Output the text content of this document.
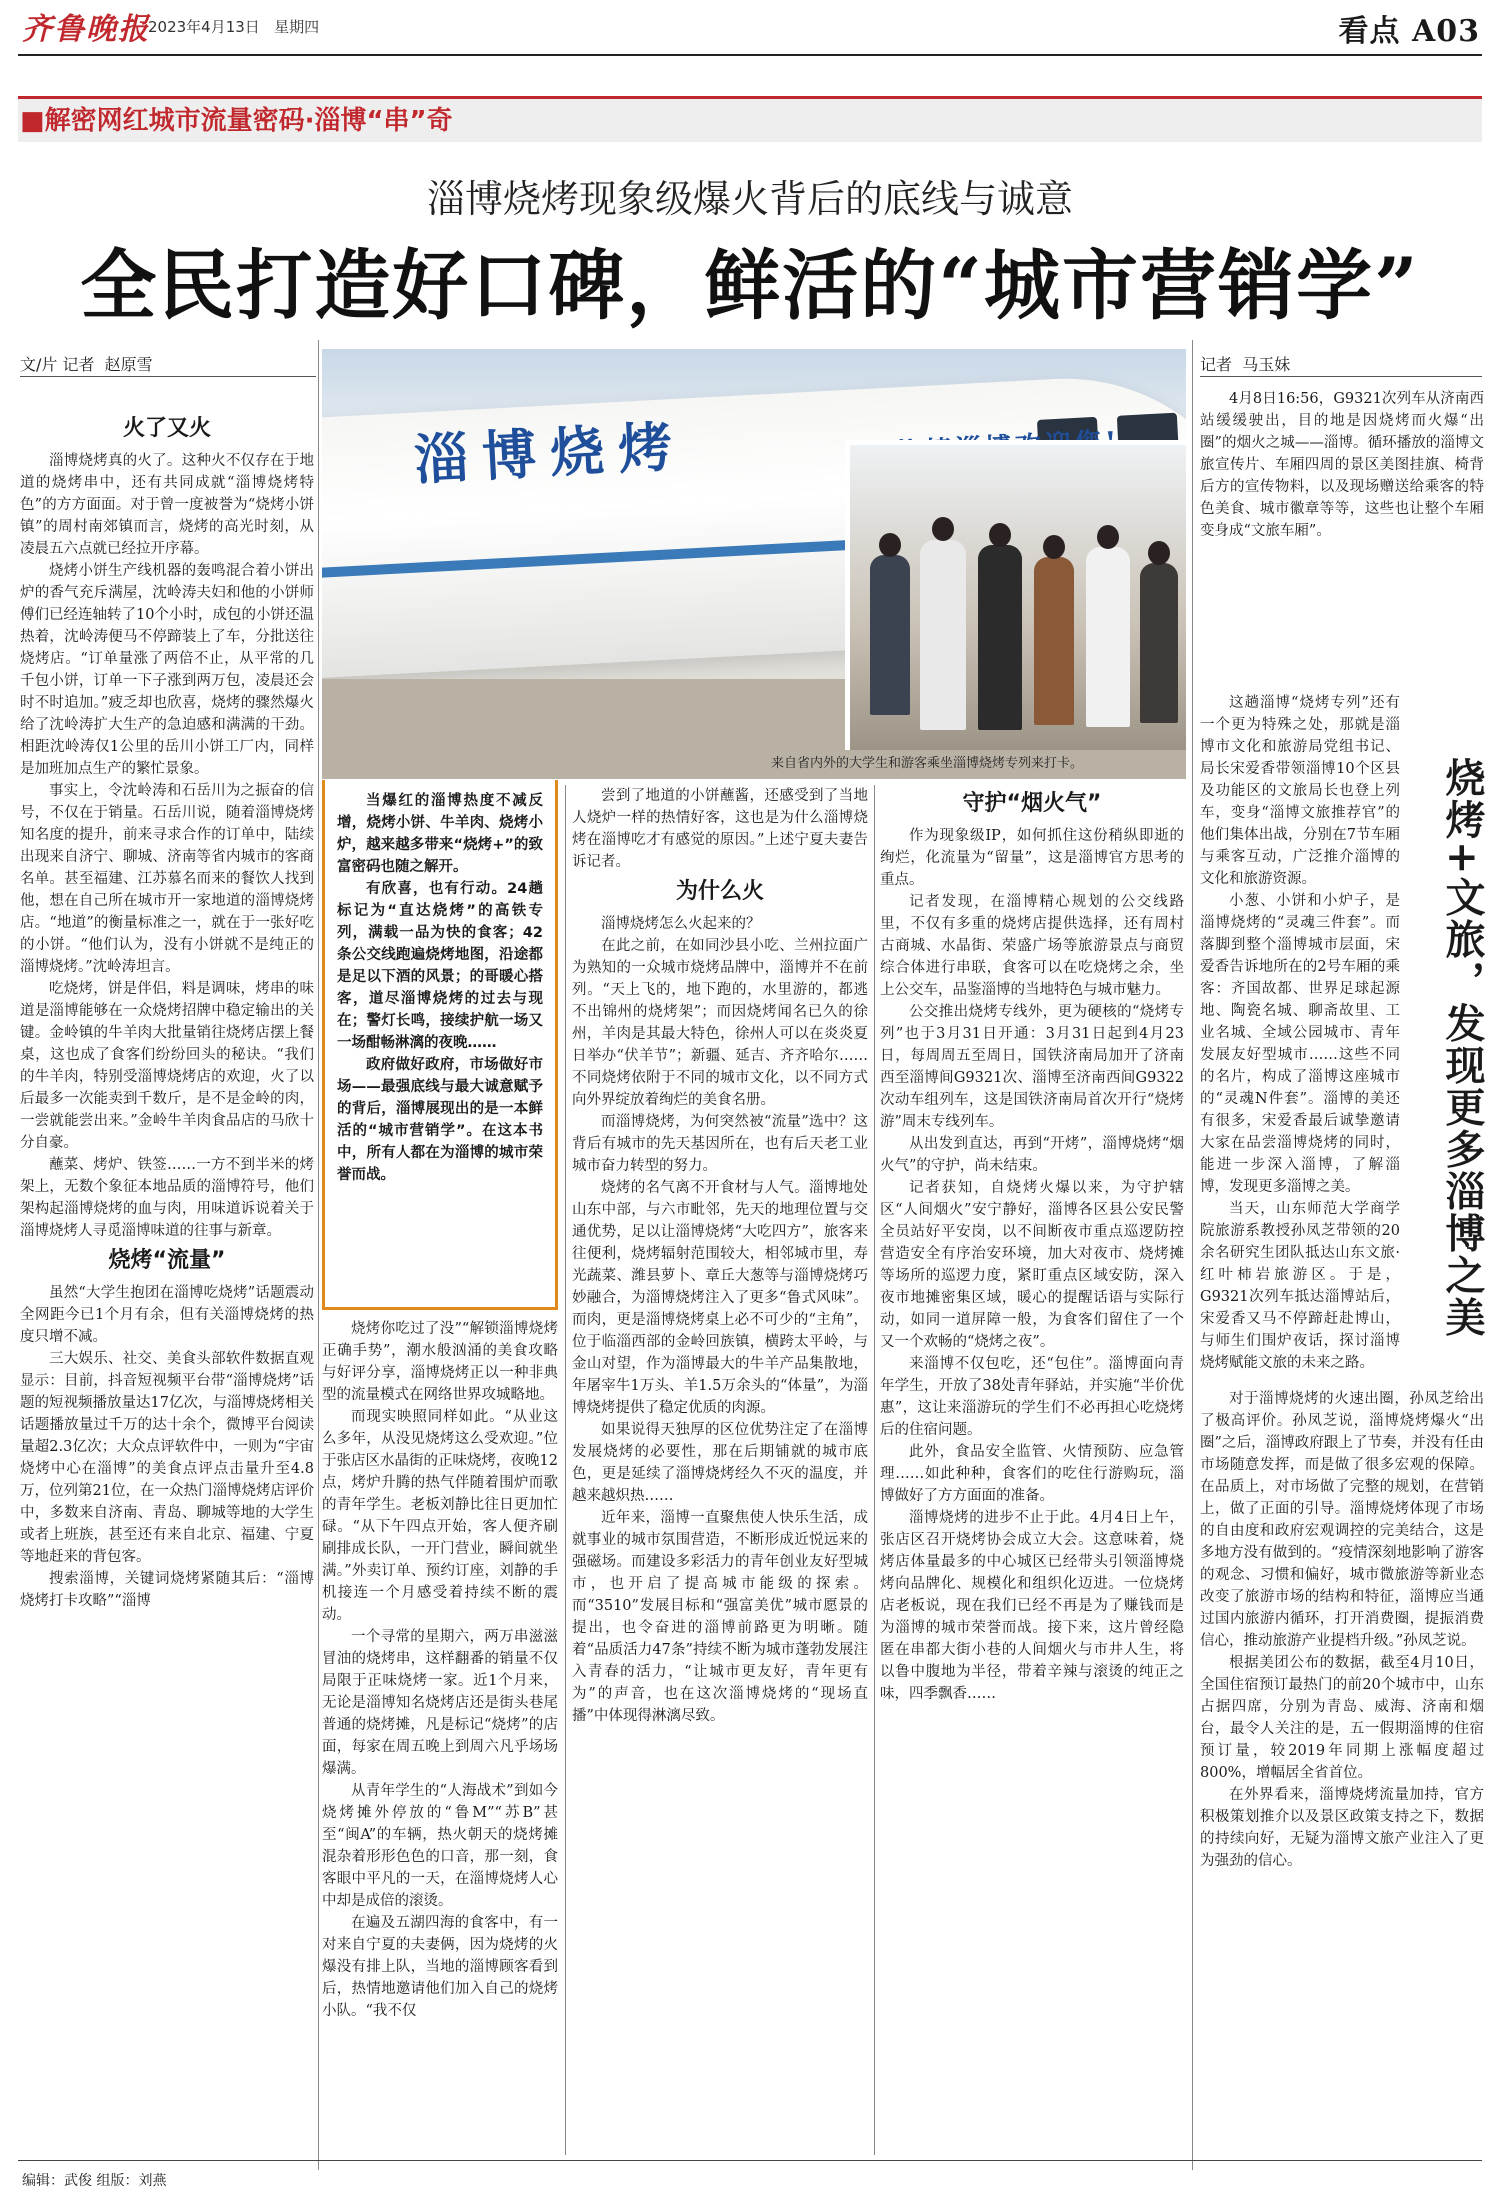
齐鲁晚报
2023年4月13日 星期四	看点 A03
■解密网红城市流量密码·淄博“串”奇
淄博烧烤现象级爆火背后的底线与诚意
全民打造好口碑，鲜活的“城市营销学”
文/片 记者 赵原雪	记者 马玉妹
火了又火

淄博烧烤真的火了。这种火不仅存在于地道的烧烤串中，还有共同成就“淄博烧烤特色”的方方面面。对于曾一度被誉为“烧烤小饼镇”的周村南郊镇而言，烧烤的高光时刻，从凌晨五六点就已经拉开序幕。

烧烤小饼生产线机器的轰鸣混合着小饼出炉的香气充斥满屋，沈岭涛夫妇和他的小饼师傅们已经连轴转了10个小时，成包的小饼还温热着，沈岭涛便马不停蹄装上了车，分批送往烧烤店。“订单量涨了两倍不止，从平常的几千包小饼，订单一下子涨到两万包，凌晨还会时不时追加。”疲乏却也欣喜，烧烤的骤然爆火给了沈岭涛扩大生产的急迫感和满满的干劲。相距沈岭涛仅1公里的岳川小饼工厂内，同样是加班加点生产的繁忙景象。

事实上，令沈岭涛和石岳川为之振奋的信号，不仅在于销量。石岳川说，随着淄博烧烤知名度的提升，前来寻求合作的订单中，陆续出现来自济宁、聊城、济南等省内城市的客商名单。甚至福建、江苏慕名而来的餐饮人找到他，想在自己所在城市开一家地道的淄博烧烤店。“地道”的衡量标准之一，就在于一张好吃的小饼。“他们认为，没有小饼就不是纯正的淄博烧烤。”沈岭涛坦言。

吃烧烤，饼是伴侣，料是调味，烤串的味道是淄博能够在一众烧烤招牌中稳定输出的关键。金岭镇的牛羊肉大批量销往烧烤店摆上餐桌，这也成了食客们纷纷回头的秘诀。“我们的牛羊肉，特别受淄博烧烤店的欢迎，火了以后最多一次能卖到千数斤，是不是金岭的肉，一尝就能尝出来。”金岭牛羊肉食品店的马欣十分自豪。

蘸菜、烤炉、铁签……一方不到半米的烤架上，无数个象征本地品质的淄博符号，他们架构起淄博烧烤的血与肉，用味道诉说着关于淄博烧烤人寻觅淄博味道的往事与新章。

烧烤“流量”

虽然“大学生抱团在淄博吃烧烤”话题震动全网距今已1个月有余，但有关淄博烧烤的热度只增不减。

三大娱乐、社交、美食头部软件数据直观显示：目前，抖音短视频平台带“淄博烧烤”话题的短视频播放量达17亿次，与淄博烧烤相关话题播放量过千万的达十余个，微博平台阅读量超2.3亿次；大众点评软件中，一则为“宇宙烧烤中心在淄博”的美食点评点击量升至4.8万，位列第21位，在一众热门淄博烧烤店评价中，多数来自济南、青岛、聊城等地的大学生或者上班族，甚至还有来自北京、福建、宁夏等地赶来的背包客。

搜索淄博，关键词烧烤紧随其后：“淄博烧烤打卡攻略”“淄博

淄博烧烤
来自省内外的大学生和游客乘坐淄博烧烤专列来打卡。

当爆红的淄博热度不减反增，烧烤小饼、牛羊肉、烧烤小炉，越来越多带来“烧烤+”的致富密码也随之解开。

有欣喜，也有行动。24趟标记为“直达烧烤”的高铁专列，满载一品为快的食客；42条公交线跑遍烧烤地图，沿途都是足以下酒的风景；的哥暖心搭客，道尽淄博烧烤的过去与现在；警灯长鸣，接续护航一场又一场酣畅淋漓的夜晚……

政府做好政府，市场做好市场——最强底线与最大诚意赋予的背后，淄博展现出的是一本鲜活的“城市营销学”。在这本书中，所有人都在为淄博的城市荣誉而战。

烧烤你吃过了没”“解锁淄博烧烤正确手势”，潮水般汹涌的美食攻略与好评分享，淄博烧烤正以一种非典型的流量模式在网络世界攻城略地。

而现实映照同样如此。“从业这么多年，从没见烧烤这么受欢迎。”位于张店区水晶街的正味烧烤，夜晚12点，烤炉升腾的热气伴随着围炉而歌的青年学生。老板刘静比往日更加忙碌。“从下午四点开始，客人便齐刷刷排成长队，一开门营业，瞬间就坐满。”外卖订单、预约订座，刘静的手机接连一个月感受着持续不断的震动。

一个寻常的星期六，两万串滋滋冒油的烧烤串，这样翻番的销量不仅局限于正味烧烤一家。近1个月来，无论是淄博知名烧烤店还是街头巷尾普通的烧烤摊，凡是标记“烧烤”的店面，每家在周五晚上到周六凡乎场场爆满。

从青年学生的“人海战术”到如今烧烤摊外停放的“鲁M”“苏B”甚至“闽A”的车辆，热火朝天的烧烤摊混杂着形形色色的口音，那一刻，食客眼中平凡的一天，在淄博烧烤人心中却是成倍的滚烫。

在遍及五湖四海的食客中，有一对来自宁夏的夫妻俩，因为烧烤的火爆没有排上队，当地的淄博顾客看到后，热情地邀请他们加入自己的烧烤小队。“我不仅

尝到了地道的小饼蘸酱，还感受到了当地人烧炉一样的热情好客，这也是为什么淄博烧烤在淄博吃才有感觉的原因。”上述宁夏夫妻告诉记者。

为什么火

淄博烧烤怎么火起来的？

在此之前，在如同沙县小吃、兰州拉面广为熟知的一众城市烧烤品牌中，淄博并不在前列。“天上飞的，地下跑的，水里游的，都逃不出锦州的烧烤架”；而因烧烤闻名已久的徐州，羊肉是其最大特色，徐州人可以在炎炎夏日举办“伏羊节”；新疆、延吉、齐齐哈尔……不同烧烤依附于不同的城市文化，以不同方式向外界绽放着绚烂的美食名册。

而淄博烧烤，为何突然被“流量”选中？这背后有城市的先天基因所在，也有后天老工业城市奋力转型的努力。

烧烤的名气离不开食材与人气。淄博地处山东中部，与六市毗邻，先天的地理位置与交通优势，足以让淄博烧烤“大吃四方”，旅客来往便利，烧烤辐射范围较大，相邻城市里，寿光蔬菜、潍县萝卜、章丘大葱等与淄博烧烤巧妙融合，为淄博烧烤注入了更多“鲁式风味”。而肉，更是淄博烧烤桌上必不可少的“主角”，位于临淄西部的金岭回族镇，横跨太平岭，与金山对望，作为淄博最大的牛羊产品集散地，年屠宰牛1万头、羊1.5万余头的“体量”，为淄博烧烤提供了稳定优质的肉源。

如果说得天独厚的区位优势注定了在淄博发展烧烤的必要性，那在后期铺就的城市底色，更是延续了淄博烧烤经久不灭的温度，并越来越炽热……

近年来，淄博一直聚焦使人快乐生活，成就事业的城市氛围营造，不断形成近悦远来的强磁场。而建设多彩活力的青年创业友好型城市，也开启了提高城市能级的探索。而“3510”发展目标和“强富美优”城市愿景的提出，也令奋进的淄博前路更为明晰。随着“品质活力47条”持续不断为城市蓬勃发展注入青春的活力，“让城市更友好，青年更有为”的声音，也在这次淄博烧烤的“现场直播”中体现得淋漓尽致。

守护“烟火气”

作为现象级IP，如何抓住这份稍纵即逝的绚烂，化流量为“留量”，这是淄博官方思考的重点。

记者发现，在淄博精心规划的公交线路里，不仅有多重的烧烤店提供选择，还有周村古商城、水晶街、荣盛广场等旅游景点与商贸综合体进行串联，食客可以在吃烧烤之余，坐上公交车，品鉴淄博的当地特色与城市魅力。

公交推出烧烤专线外，更为硬核的“烧烤专列”也于3月31日开通：3月31日起到4月23日，每周周五至周日，国铁济南局加开了济南西至淄博间G9321次、淄博至济南西间G9322次动车组列车，这是国铁济南局首次开行“烧烤游”周末专线列车。

从出发到直达，再到“开烤”，淄博烧烤“烟火气”的守护，尚未结束。

记者获知，自烧烤火爆以来，为守护辖区“人间烟火”安宁静好，淄博各区县公安民警全员站好平安岗，以不间断夜市重点巡逻防控营造安全有序治安环境，加大对夜市、烧烤摊等场所的巡逻力度，紧盯重点区域安防，深入夜市地摊密集区域，暖心的提醒话语与实际行动，如同一道屏障一般，为食客们留住了一个又一个欢畅的“烧烤之夜”。

来淄博不仅包吃，还“包住”。淄博面向青年学生，开放了38处青年驿站，并实施“半价优惠”，这让来淄游玩的学生们不必再担心吃烧烤后的住宿问题。

此外，食品安全监管、火情预防、应急管理……如此种种，食客们的吃住行游购玩，淄博做好了方方面面的准备。

淄博烧烤的进步不止于此。4月4日上午，张店区召开烧烤协会成立大会。这意味着，烧烤店体量最多的中心城区已经带头引领淄博烧烤向品牌化、规模化和组织化迈进。一位烧烤店老板说，现在我们已经不再是为了赚钱而是为淄博的城市荣誉而战。接下来，这片曾经隐匿在串都大街小巷的人间烟火与市井人生，将以鲁中腹地为半径，带着辛辣与滚烫的纯正之味，四季飘香……

4月8日16:56，G9321次列车从济南西站缓缓驶出，目的地是因烧烤而火爆“出圈”的烟火之城——淄博。循环播放的淄博文旅宣传片、车厢四周的景区美图挂旗、椅背后方的宣传物料，以及现场赠送给乘客的特色美食、城市徽章等等，这些也让整个车厢变身成“文旅车厢”。

这趟淄博“烧烤专列”还有一个更为特殊之处，那就是淄博市文化和旅游局党组书记、局长宋爱香带领淄博10个区县及功能区的文旅局长也登上列车，变身“淄博文旅推荐官”的他们集体出战，分别在7节车厢与乘客互动，广泛推介淄博的文化和旅游资源。

小葱、小饼和小炉子，是淄博烧烤的“灵魂三件套”。而落脚到整个淄博城市层面，宋爱香告诉地所在的2号车厢的乘客：齐国故都、世界足球起源地、陶瓷名城、聊斋故里、工业名城、全域公园城市、青年发展友好型城市……这些不同的名片，构成了淄博这座城市的“灵魂N件套”。淄博的美还有很多，宋爱香最后诚挚邀请大家在品尝淄博烧烤的同时，能进一步深入淄博，了解淄博，发现更多淄博之美。

当天，山东师范大学商学院旅游系教授孙凤芝带领的20余名研究生团队抵达山东文旅·红叶柿岩旅游区。于是，G9321次列车抵达淄博站后，宋爱香又马不停蹄赶赴博山，与师生们围炉夜话，探讨淄博烧烤赋能文旅的未来之路。

烧烤+文旅，发现更多淄博之美

对于淄博烧烤的火速出圈，孙凤芝给出了极高评价。孙凤芝说，淄博烧烤爆火“出圈”之后，淄博政府跟上了节奏，并没有任由市场随意发挥，而是做了很多宏观的保障。在品质上，对市场做了完整的规划，在营销上，做了正面的引导。淄博烧烤体现了市场的自由度和政府宏观调控的完美结合，这是多地方没有做到的。“疫情深刻地影响了游客的观念、习惯和偏好，城市微旅游等新业态改变了旅游市场的结构和特征，淄博应当通过国内旅游内循环，打开消费圈，提振消费信心，推动旅游产业提档升级。”孙凤芝说。

根据美团公布的数据，截至4月10日，全国住宿预订最热门的前20个城市中，山东占据四席，分别为青岛、威海、济南和烟台，最令人关注的是，五一假期淄博的住宿预订量，较2019年同期上涨幅度超过800%，增幅居全省首位。

在外界看来，淄博烧烤流量加持，官方积极策划推介以及景区政策支持之下，数据的持续向好，无疑为淄博文旅产业注入了更为强劲的信心。

编辑：武俊 组版：刘燕
